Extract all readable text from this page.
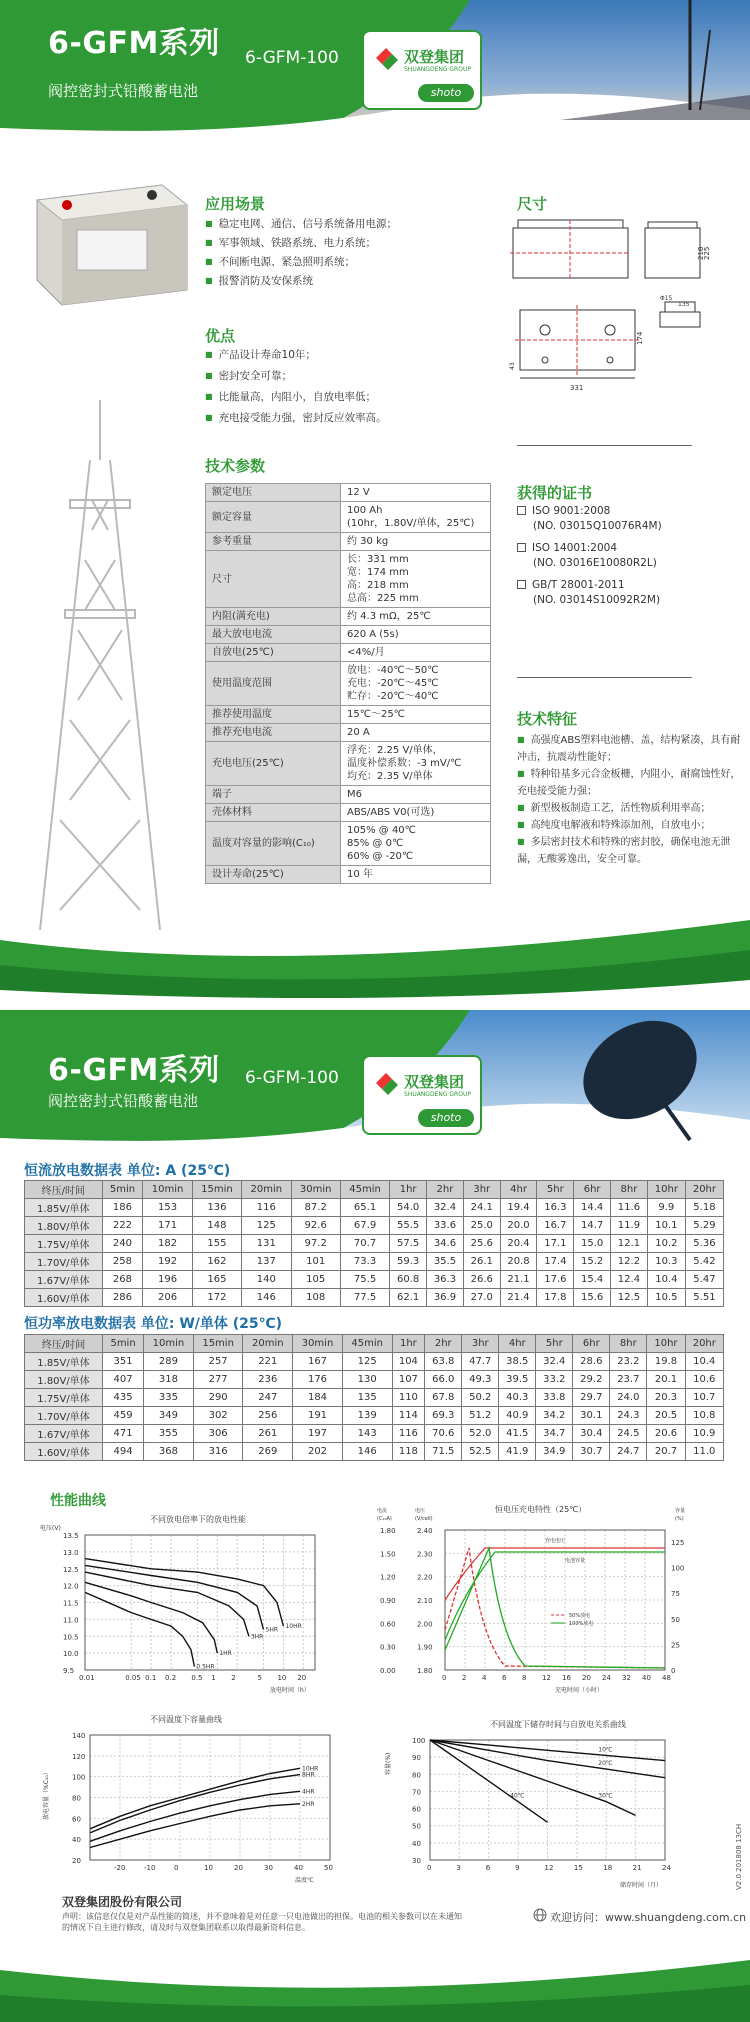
6-GFM系列 6-GFM-100
阀控密封式铅酸蓄电池
双登集团
SHUANGDENG GROUP
shoto
应用场景
■ 稳定电网、通信、信号系统备用电源；
■ 军事领域、铁路系统、电力系统；
■ 不间断电源、紧急照明系统；
■ 报警消防及安保系统
优点
■ 产品设计寿命10年；
■ 密封安全可靠；
■ 比能量高，内阻小，自放电率低；
■ 充电接受能力强，密封反应效率高。
尺寸
331
218
225
174
Φ15
135
43
技术参数
额定电压	12 V

额定容量	100 Ah
(10hr，1.80V/单体，25℃)

参考重量	约 30 kg

尺寸	长：331 mm
宽：174 mm
高：218 mm
总高：225 mm

内阻(满充电)	约 4.3 mΩ，25℃

最大放电电流	620 A (5s)

自放电(25℃)	<4%/月

使用温度范围	放电：-40℃～50℃
充电：-20℃～45℃
贮存：-20℃～40℃

推荐使用温度	15℃～25℃

推荐充电电流	20 A

充电电压(25℃)	浮充：2.25 V/单体，
温度补偿系数：-3 mV/℃
均充：2.35 V/单体

端子	M6

壳体材料	ABS/ABS V0(可选)

温度对容量的影响(C₁₀)	105% @ 40℃
85% @ 0℃
60% @ -20℃

设计寿命(25℃)	10 年
获得的证书
ISO 9001:2008
(NO. 03015Q10076R4M)
ISO 14001:2004
(NO. 03016E10080R2L)
GB/T 28001-2011
(NO. 03014S10092R2M)
技术特征
■ 高强度ABS塑料电池槽、盖，结构紧凑，具有耐冲击，抗震动性能好；
■ 特种铅基多元合金板栅，内阻小，耐腐蚀性好，充电接受能力强；
■ 新型极板制造工艺，活性物质利用率高；
■ 高纯度电解液和特殊添加剂，自放电小；
■ 多层密封技术和特殊的密封胶，确保电池无泄漏，无酸雾逸出，安全可靠。
6-GFM系列 6-GFM-100
阀控密封式铅酸蓄电池
双登集团
SHUANGDENG GROUP
shoto
恒流放电数据表 单位: A (25℃)
终压/时间	5min	10min	15min	20min	30min	45min	1hr	2hr	3hr	4hr	5hr	6hr	8hr	10hr	20hr
1.85V/单体	186	153	136	116	87.2	65.1	54.0	32.4	24.1	19.4	16.3	14.4	11.6	9.9	5.18
1.80V/单体	222	171	148	125	92.6	67.9	55.5	33.6	25.0	20.0	16.7	14.7	11.9	10.1	5.29
1.75V/单体	240	182	155	131	97.2	70.7	57.5	34.6	25.6	20.4	17.1	15.0	12.1	10.2	5.36
1.70V/单体	258	192	162	137	101	73.3	59.3	35.5	26.1	20.8	17.4	15.2	12.2	10.3	5.42
1.67V/单体	268	196	165	140	105	75.5	60.8	36.3	26.6	21.1	17.6	15.4	12.4	10.4	5.47
1.60V/单体	286	206	172	146	108	77.5	62.1	36.9	27.0	21.4	17.8	15.6	12.5	10.5	5.51
恒功率放电数据表 单位: W/单体 (25℃)
终压/时间	5min	10min	15min	20min	30min	45min	1hr	2hr	3hr	4hr	5hr	6hr	8hr	10hr	20hr
1.85V/单体	351	289	257	221	167	125	104	63.8	47.7	38.5	32.4	28.6	23.2	19.8	10.4
1.80V/单体	407	318	277	236	176	130	107	66.0	49.3	39.5	33.2	29.2	23.7	20.1	10.6
1.75V/单体	435	335	290	247	184	135	110	67.8	50.2	40.3	33.8	29.7	24.0	20.3	10.7
1.70V/单体	459	349	302	256	191	139	114	69.3	51.2	40.9	34.2	30.1	24.3	20.5	10.8
1.67V/单体	471	355	306	261	197	143	116	70.6	52.0	41.5	34.7	30.4	24.5	20.6	10.9
1.60V/单体	494	368	316	269	202	146	118	71.5	52.5	41.9	34.9	30.7	24.7	20.7	11.0
性能曲线
不同放电倍率下的放电性能
电压(V)
放电时间（h）
13.5
13.0
12.5
12.0
11.5
11.0
10.5
10.0
9.5
0.01	0.05 0.1 0.2 0.5 1 2	5 10 20
0.5HR
1HR
3HR
5HR 10HR
恒电压充电特性（25℃）
电流
(C₁₀A)
电压
(V/cell)
容量
(%)
1.80	2.40
1.50	2.30
1.20	2.20
0.90	2.10
0.60	2.00
0.30	1.90
0.00	1.80
125
100
75
50
25
0
0 2 4 6 8 12 16 20 24 32 40 48
充电时间（小时）
充电电压
电池容量
50%放电
100%放电
不同温度下容量曲线
放电容量（%C₁₀）
温度℃
140
120
100
80
60
40
20
-20	-10	0	10	20	30	40	50
10HR
8HR
4HR
2HR
不同温度下储存时间与自放电关系曲线
容量(%)
储存时间（月）
100
90
80
70
60
50
40
30
0	3	6	9	12	15	18	21	24
10℃
20℃
30℃
40℃
双登集团股份有限公司
声明：该信息仅仅是对产品性能的简述，并不意味着是对任意一只电池做出的担保。电池的相关参数可以在未通知的情况下自主进行修改，请及时与双登集团联系以取得最新资料信息。
欢迎访问：www.shuangdeng.com.cn
V2.0 201808 13CH
